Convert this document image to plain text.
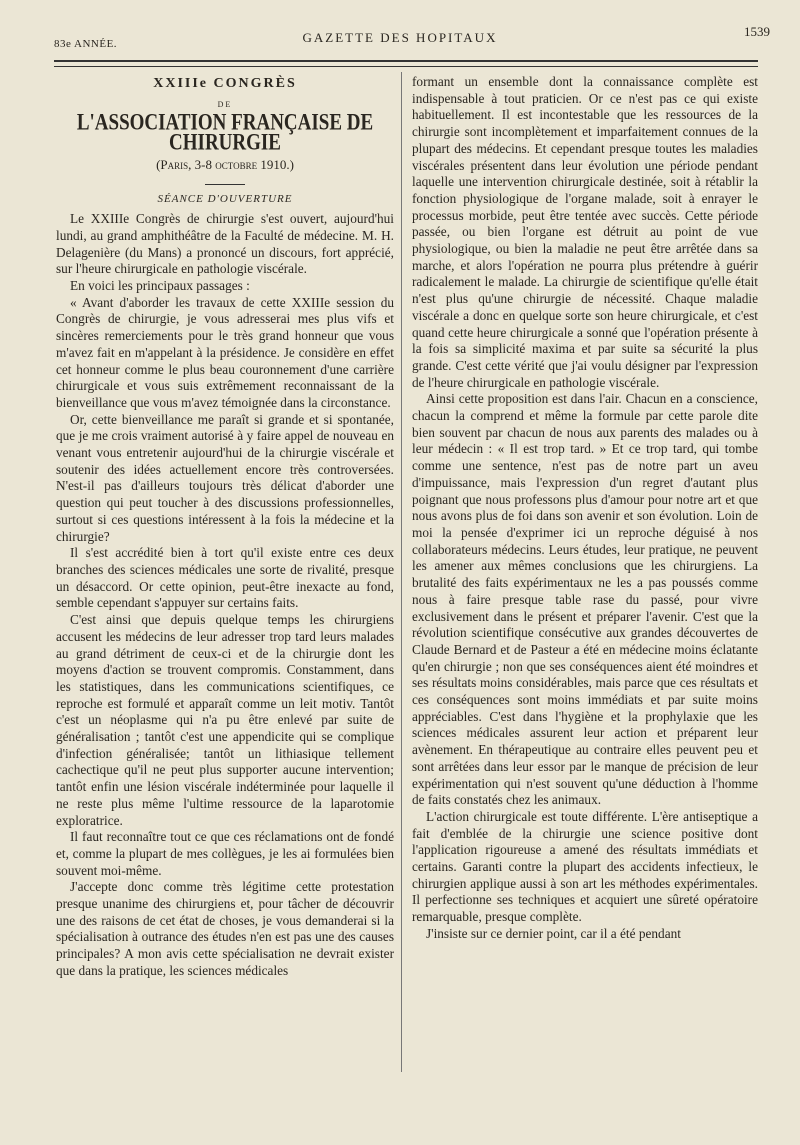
83e ANNÉE.	GAZETTE DES HOPITAUX	1539
XXIIIe CONGRÈS
DE
L'ASSOCIATION FRANÇAISE DE CHIRURGIE
(Paris, 3-8 octobre 1910.)
SÉANCE D'OUVERTURE

Le XXIIIe Congrès de chirurgie s'est ouvert, aujourd'hui lundi, au grand amphithéâtre de la Faculté de médecine. M. H. Delagenière (du Mans) a prononcé un discours, fort apprécié, sur l'heure chirurgicale en pathologie viscérale.

En voici les principaux passages :

« Avant d'aborder les travaux de cette XXIIIe session du Congrès de chirurgie, je vous adresserai mes plus vifs et sincères remerciements pour le très grand honneur que vous m'avez fait en m'appelant à la présidence. Je considère en effet cet honneur comme le plus beau couronnement d'une carrière chirurgicale et vous suis extrêmement reconnaissant de la bienveillance que vous m'avez témoignée dans la circonstance.

Or, cette bienveillance me paraît si grande et si spontanée, que je me crois vraiment autorisé à y faire appel de nouveau en venant vous entretenir aujourd'hui de la chirurgie viscérale et soutenir des idées actuellement encore très controversées. N'est-il pas d'ailleurs toujours très délicat d'aborder une question qui peut toucher à des discussions professionnelles, surtout si ces questions intéressent à la fois la médecine et la chirurgie?

Il s'est accrédité bien à tort qu'il existe entre ces deux branches des sciences médicales une sorte de rivalité, presque un désaccord. Or cette opinion, peut-être inexacte au fond, semble cependant s'appuyer sur certains faits.

C'est ainsi que depuis quelque temps les chirurgiens accusent les médecins de leur adresser trop tard leurs malades au grand détriment de ceux-ci et de la chirurgie dont les moyens d'action se trouvent compromis. Constamment, dans les statistiques, dans les communications scientifiques, ce reproche est formulé et apparaît comme un leit motiv. Tantôt c'est un néoplasme qui n'a pu être enlevé par suite de généralisation ; tantôt c'est une appendicite qui se complique d'infection généralisée; tantôt un lithiasique tellement cachectique qu'il ne peut plus supporter aucune intervention; tantôt enfin une lésion viscérale indéterminée pour laquelle il ne reste plus même l'ultime ressource de la laparotomie exploratrice.

Il faut reconnaître tout ce que ces réclamations ont de fondé et, comme la plupart de mes collègues, je les ai formulées bien souvent moi-même.

J'accepte donc comme très légitime cette protestation presque unanime des chirurgiens et, pour tâcher de découvrir une des raisons de cet état de choses, je vous demanderai si la spécialisation à outrance des études n'en est pas une des causes principales? A mon avis cette spécialisation ne devrait exister que dans la pratique, les sciences médicales

formant un ensemble dont la connaissance complète est indispensable à tout praticien. Or ce n'est pas ce qui existe habituellement. Il est incontestable que les ressources de la chirurgie sont incomplètement et imparfaitement connues de la plupart des médecins. Et cependant presque toutes les maladies viscérales présentent dans leur évolution une période pendant laquelle une intervention chirurgicale destinée, soit à rétablir la fonction physiologique de l'organe malade, soit à enrayer le processus morbide, peut être tentée avec succès. Cette période passée, ou bien l'organe est détruit au point de vue physiologique, ou bien la maladie ne peut être arrêtée dans sa marche, et alors l'opération ne pourra plus prétendre à guérir radicalement le malade. La chirurgie de scientifique qu'elle était n'est plus qu'une chirurgie de nécessité. Chaque maladie viscérale a donc en quelque sorte son heure chirurgicale, et c'est quand cette heure chirurgicale a sonné que l'opération présente à la fois sa simplicité maxima et par suite sa sécurité la plus grande. C'est cette vérité que j'ai voulu désigner par l'expression de l'heure chirurgicale en pathologie viscérale.

Ainsi cette proposition est dans l'air. Chacun en a conscience, chacun la comprend et même la formule par cette parole dite bien souvent par chacun de nous aux parents des malades ou à leur médecin : « Il est trop tard. » Et ce trop tard, qui tombe comme une sentence, n'est pas de notre part un aveu d'impuissance, mais l'expression d'un regret d'autant plus poignant que nous professons plus d'amour pour notre art et que nous avons plus de foi dans son avenir et son évolution. Loin de moi la pensée d'exprimer ici un reproche déguisé à nos collaborateurs médecins. Leurs études, leur pratique, ne peuvent les amener aux mêmes conclusions que les chirurgiens. La brutalité des faits expérimentaux ne les a pas poussés comme nous à faire presque table rase du passé, pour vivre exclusivement dans le présent et préparer l'avenir. C'est que la révolution scientifique consécutive aux grandes découvertes de Claude Bernard et de Pasteur a été en médecine moins éclatante qu'en chirurgie ; non que ses conséquences aient été moindres et ses résultats moins considérables, mais parce que ces résultats et ces conséquences sont moins immédiats et par suite moins appréciables. C'est dans l'hygiène et la prophylaxie que les sciences médicales assurent leur action et préparent leur avènement. En thérapeutique au contraire elles peuvent peu et sont arrêtées dans leur essor par le manque de précision de leur expérimentation qui n'est souvent qu'une déduction à l'homme de faits constatés chez les animaux.

L'action chirurgicale est toute différente. L'ère antiseptique a fait d'emblée de la chirurgie une science positive dont l'application rigoureuse a amené des résultats immédiats et certains. Garanti contre la plupart des accidents infectieux, le chirurgien applique aussi à son art les méthodes expérimentales. Il perfectionne ses techniques et acquiert une sûreté opératoire remarquable, presque complète.

J'insiste sur ce dernier point, car il a été pendant
